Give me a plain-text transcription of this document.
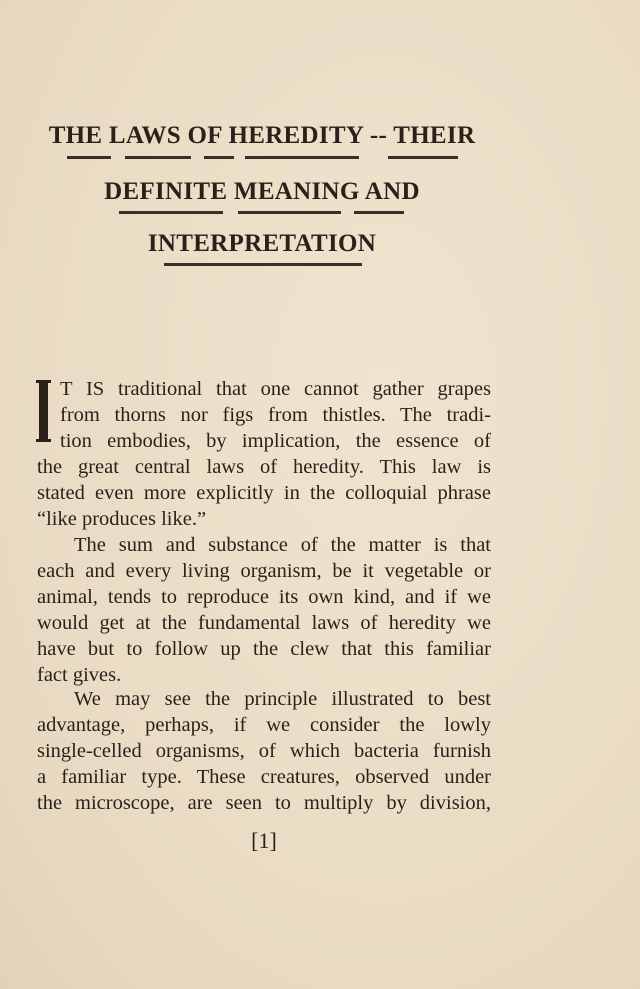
THE LAWS OF HEREDITY -- THEIR
DEFINITE MEANING AND
INTERPRETATION
T IS traditional that one cannot gather grapes
from thorns nor figs from thistles. The tradi-
tion embodies, by implication, the essence of
the great central laws of heredity. This law is
stated even more explicitly in the colloquial phrase
“like produces like.”
The sum and substance of the matter is that
each and every living organism, be it vegetable or
animal, tends to reproduce its own kind, and if we
would get at the fundamental laws of heredity we
have but to follow up the clew that this familiar
fact gives.
We may see the principle illustrated to best
advantage, perhaps, if we consider the lowly
single-celled organisms, of which bacteria furnish
a familiar type. These creatures, observed under
the microscope, are seen to multiply by division,
[1]
